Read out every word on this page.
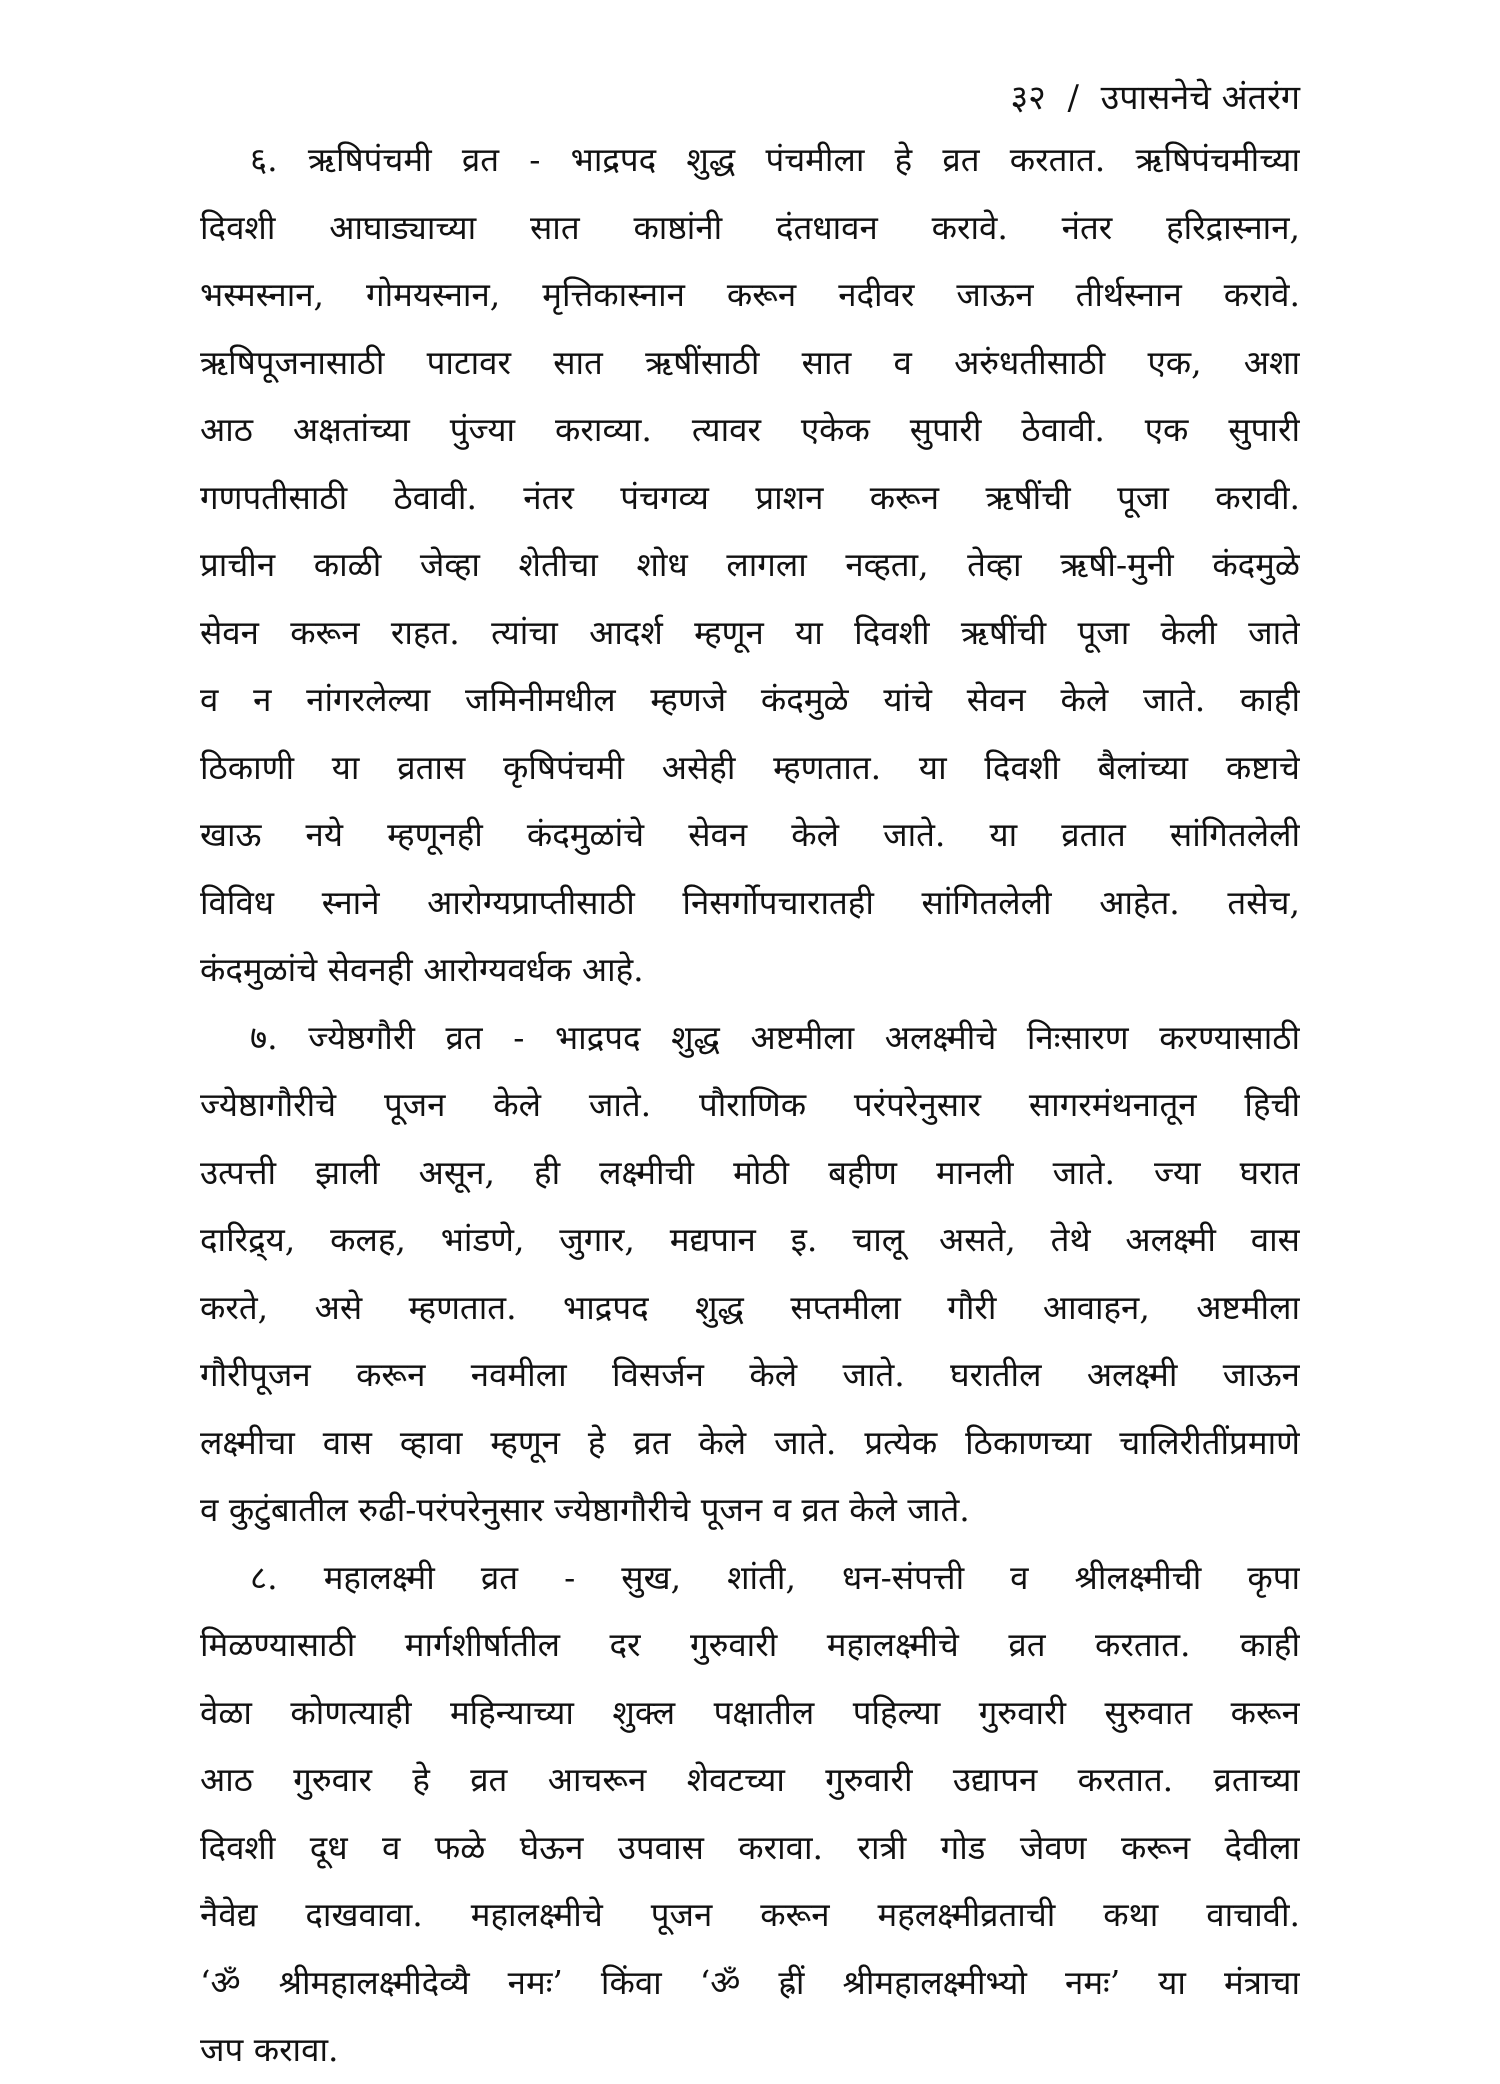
३२ / उपासनेचे अंतरंग
६. ऋषिपंचमी व्रत - भाद्रपद शुद्ध पंचमीला हे व्रत करतात. ऋषिपंचमीच्या
दिवशी आघाड्याच्या सात काष्ठांनी दंतधावन करावे. नंतर हरिद्रास्नान,
भस्मस्नान, गोमयस्नान, मृत्तिकास्नान करून नदीवर जाऊन तीर्थस्नान करावे.
ऋषिपूजनासाठी पाटावर सात ऋषींसाठी सात व अरुंधतीसाठी एक, अशा
आठ अक्षतांच्या पुंज्या कराव्या. त्यावर एकेक सुपारी ठेवावी. एक सुपारी
गणपतीसाठी ठेवावी. नंतर पंचगव्य प्राशन करून ऋषींची पूजा करावी.
प्राचीन काळी जेव्हा शेतीचा शोध लागला नव्हता, तेव्हा ऋषी-मुनी कंदमुळे
सेवन करून राहत. त्यांचा आदर्श म्हणून या दिवशी ऋषींची पूजा केली जाते
व न नांगरलेल्या जमिनीमधील म्हणजे कंदमुळे यांचे सेवन केले जाते. काही
ठिकाणी या व्रतास कृषिपंचमी असेही म्हणतात. या दिवशी बैलांच्या कष्टाचे
खाऊ नये म्हणूनही कंदमुळांचे सेवन केले जाते. या व्रतात सांगितलेली
विविध स्नाने आरोग्यप्राप्तीसाठी निसर्गोपचारातही सांगितलेली आहेत. तसेच,
कंदमुळांचे सेवनही आरोग्यवर्धक आहे.
७. ज्येष्ठगौरी व्रत - भाद्रपद शुद्ध अष्टमीला अलक्ष्मीचे निःसारण करण्यासाठी
ज्येष्ठागौरीचे पूजन केले जाते. पौराणिक परंपरेनुसार सागरमंथनातून हिची
उत्पत्ती झाली असून, ही लक्ष्मीची मोठी बहीण मानली जाते. ज्या घरात
दारिद्र्य, कलह, भांडणे, जुगार, मद्यपान इ. चालू असते, तेथे अलक्ष्मी वास
करते, असे म्हणतात. भाद्रपद शुद्ध सप्तमीला गौरी आवाहन, अष्टमीला
गौरीपूजन करून नवमीला विसर्जन केले जाते. घरातील अलक्ष्मी जाऊन
लक्ष्मीचा वास व्हावा म्हणून हे व्रत केले जाते. प्रत्येक ठिकाणच्या चालिरीतींप्रमाणे
व कुटुंबातील रुढी-परंपरेनुसार ज्येष्ठागौरीचे पूजन व व्रत केले जाते.
८. महालक्ष्मी व्रत - सुख, शांती, धन-संपत्ती व श्रीलक्ष्मीची कृपा
मिळण्यासाठी मार्गशीर्षातील दर गुरुवारी महालक्ष्मीचे व्रत करतात. काही
वेळा कोणत्याही महिन्याच्या शुक्ल पक्षातील पहिल्या गुरुवारी सुरुवात करून
आठ गुरुवार हे व्रत आचरून शेवटच्या गुरुवारी उद्यापन करतात. व्रताच्या
दिवशी दूध व फळे घेऊन उपवास करावा. रात्री गोड जेवण करून देवीला
नैवेद्य दाखवावा. महालक्ष्मीचे पूजन करून महलक्ष्मीव्रताची कथा वाचावी.
‘ॐ श्रीमहालक्ष्मीदेव्यै नमः’ किंवा ‘ॐ ह्रीं श्रीमहालक्ष्मीभ्यो नमः’ या मंत्राचा
जप करावा.
